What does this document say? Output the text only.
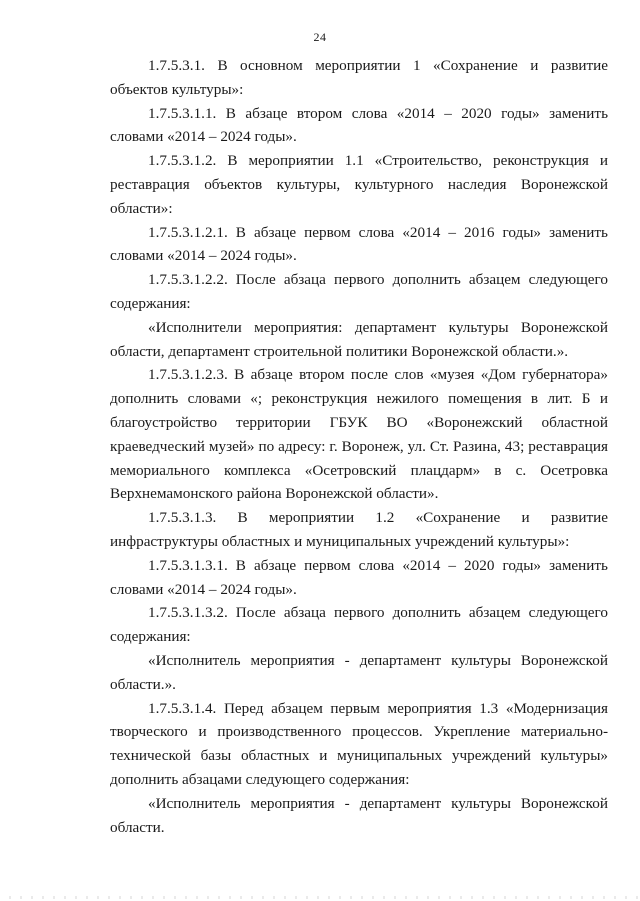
24

1.7.5.3.1. В основном мероприятии 1 «Сохранение и развитие объектов культуры»:

1.7.5.3.1.1. В абзаце втором слова «2014 – 2020 годы» заменить словами «2014 – 2024 годы».

1.7.5.3.1.2. В мероприятии 1.1 «Строительство, реконструкция и реставрация объектов культуры, культурного наследия Воронежской области»:

1.7.5.3.1.2.1. В абзаце первом слова «2014 – 2016 годы» заменить словами «2014 – 2024 годы».

1.7.5.3.1.2.2. После абзаца первого дополнить абзацем следующего содержания:

«Исполнители мероприятия: департамент культуры Воронежской области, департамент строительной политики Воронежской области.».

1.7.5.3.1.2.3. В абзаце втором после слов «музея «Дом губернатора» дополнить словами «; реконструкция нежилого помещения в лит. Б и благоустройство территории ГБУК ВО «Воронежский областной краеведческий музей» по адресу: г. Воронеж, ул. Ст. Разина, 43; реставрация мемориального комплекса «Осетровский плацдарм» в с. Осетровка Верхнемамонского района Воронежской области».

1.7.5.3.1.3. В мероприятии 1.2 «Сохранение и развитие инфраструктуры областных и муниципальных учреждений культуры»:

1.7.5.3.1.3.1. В абзаце первом слова «2014 – 2020 годы» заменить словами «2014 – 2024 годы».

1.7.5.3.1.3.2. После абзаца первого дополнить абзацем следующего содержания:

«Исполнитель мероприятия - департамент культуры Воронежской области.».

1.7.5.3.1.4. Перед абзацем первым мероприятия 1.3 «Модернизация творческого и производственного процессов. Укрепление материально-технической базы областных и муниципальных учреждений культуры» дополнить абзацами следующего содержания:

«Исполнитель мероприятия - департамент культуры Воронежской области.
